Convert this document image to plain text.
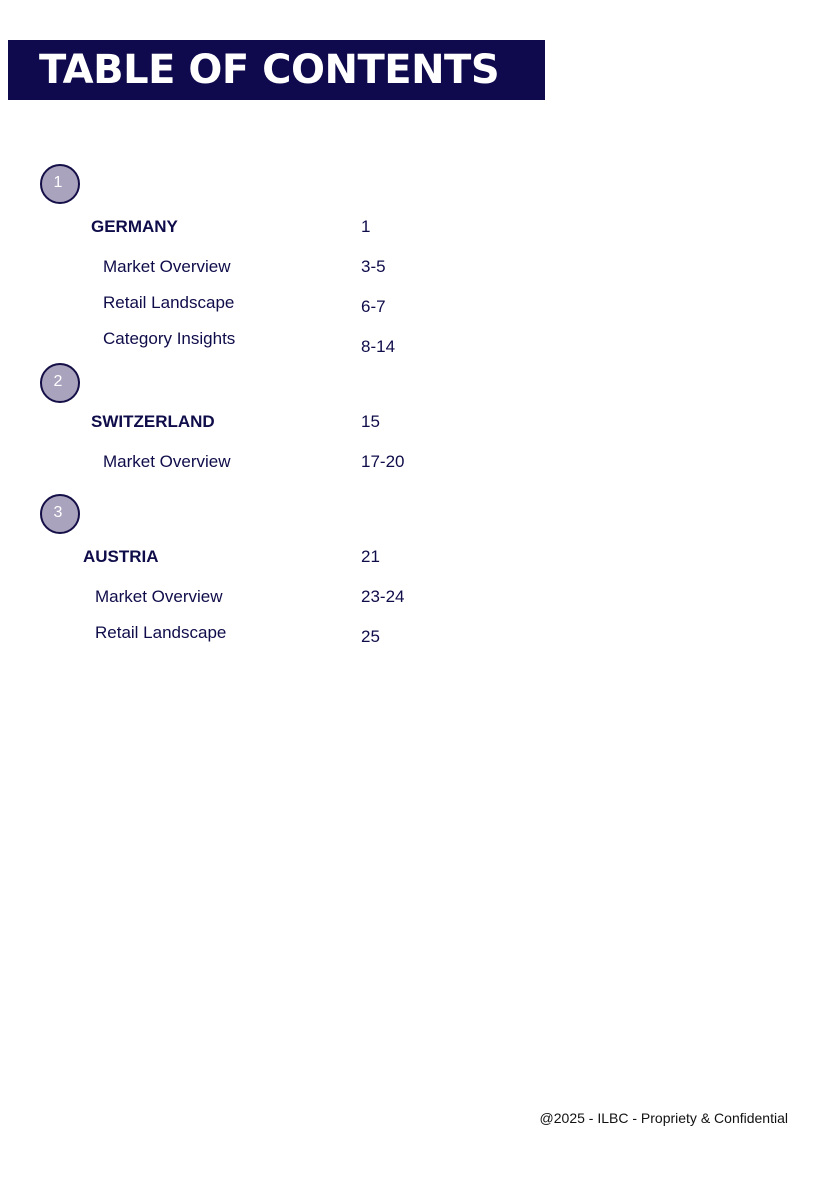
TABLE OF CONTENTS
1
GERMANY	1
Market Overview	3-5
Retail Landscape	6-7
Category Insights	8-14
2
SWITZERLAND	15
Market Overview	17-20
3
AUSTRIA	21
Market Overview	23-24
Retail Landscape	25
@2025 - ILBC - Propriety & Confidential
